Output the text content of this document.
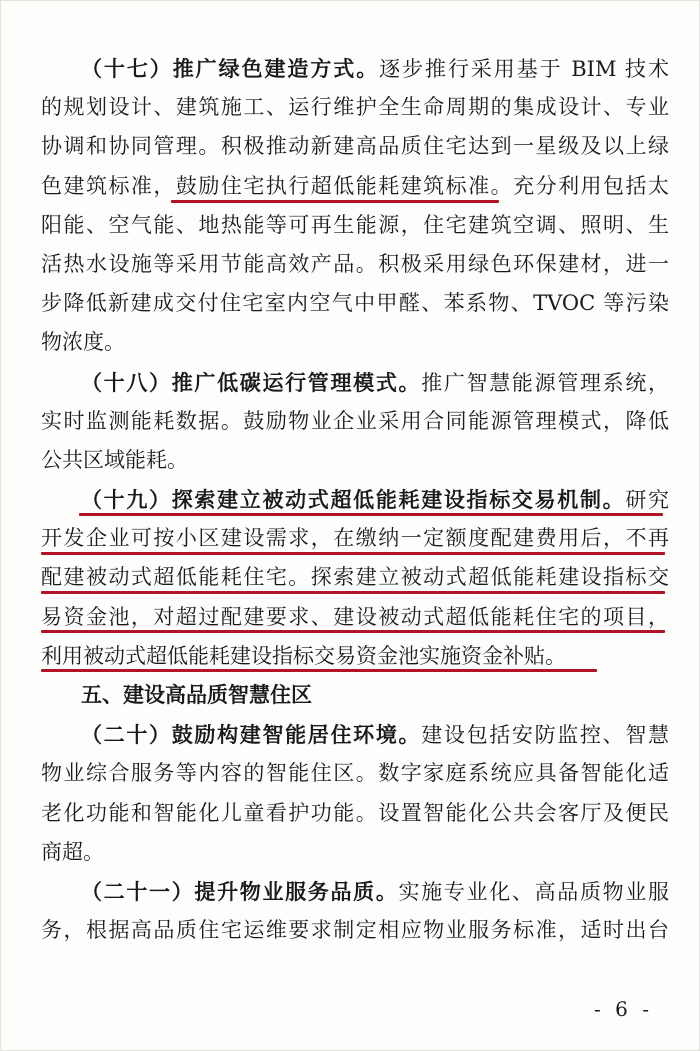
（十七）推广绿色建造方式。逐步推行采用基于 BIM 技术
的规划设计、建筑施工、运行维护全生命周期的集成设计、专业
协调和协同管理。积极推动新建高品质住宅达到一星级及以上绿
色建筑标准，鼓励住宅执行超低能耗建筑标准。充分利用包括太
阳能、空气能、地热能等可再生能源，住宅建筑空调、照明、生
活热水设施等采用节能高效产品。积极采用绿色环保建材，进一
步降低新建成交付住宅室内空气中甲醛、苯系物、TVOC 等污染
物浓度。
（十八）推广低碳运行管理模式。推广智慧能源管理系统，
实时监测能耗数据。鼓励物业企业采用合同能源管理模式，降低
公共区域能耗。
（十九）探索建立被动式超低能耗建设指标交易机制。研究
开发企业可按小区建设需求，在缴纳一定额度配建费用后，不再
配建被动式超低能耗住宅。探索建立被动式超低能耗建设指标交
易资金池，对超过配建要求、建设被动式超低能耗住宅的项目，
利用被动式超低能耗建设指标交易资金池实施资金补贴。
五、建设高品质智慧住区
（二十）鼓励构建智能居住环境。建设包括安防监控、智慧
物业综合服务等内容的智能住区。数字家庭系统应具备智能化适
老化功能和智能化儿童看护功能。设置智能化公共会客厅及便民
商超。
（二十一）提升物业服务品质。实施专业化、高品质物业服
务，根据高品质住宅运维要求制定相应物业服务标准，适时出台
- 6 -
